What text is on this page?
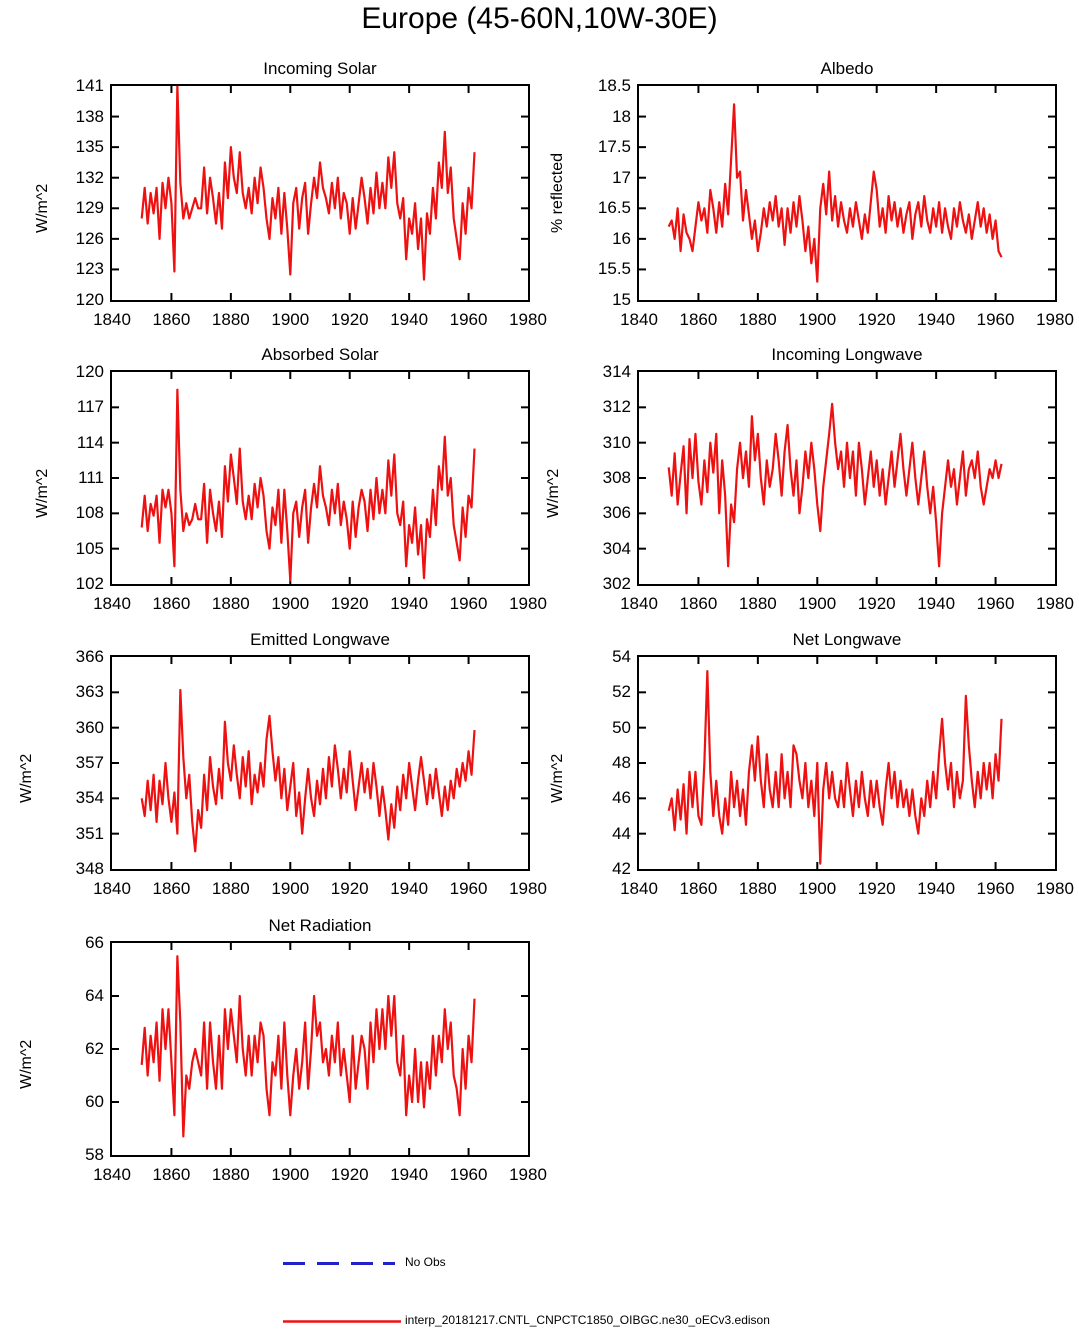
Europe (45-60N,10W-30E)
Incoming Solar
120
123
126
129
132
135
138
141
1840	1860	1880	1900	1920	1940	1960	1980
W/m^2
Albedo
15
15.5
16
16.5
17
17.5
18
18.5
1840	1860	1880	1900	1920	1940	1960	1980
% reflected
Absorbed Solar
102
105
108
111
114
117
120
1840	1860	1880	1900	1920	1940	1960	1980
W/m^2
Incoming Longwave
302
304
306
308
310
312
314
1840	1860	1880	1900	1920	1940	1960	1980
W/m^2
Emitted Longwave
348
351
354
357
360
363
366
1840	1860	1880	1900	1920	1940	1960	1980
W/m^2
Net Longwave
42
44
46
48
50
52
54
1840	1860	1880	1900	1920	1940	1960	1980
W/m^2
Net Radiation
58
60
62
64
66
1840	1860	1880	1900	1920	1940	1960	1980
W/m^2
No Obs
interp_20181217.CNTL_CNPCTC1850_OIBGC.ne30_oECv3.edison
